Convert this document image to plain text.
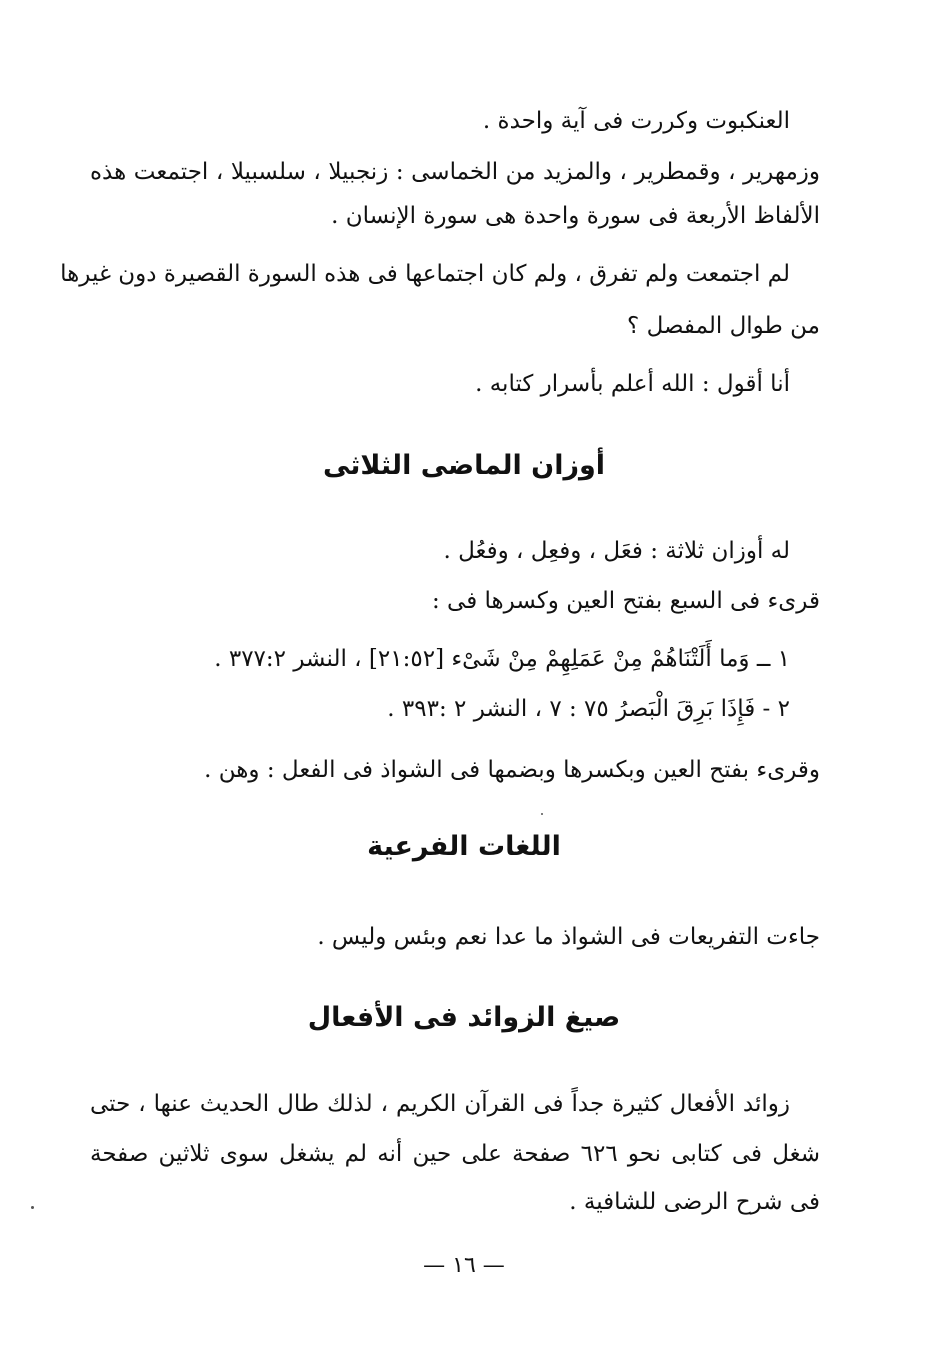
العنكبوت وكررت فى آية واحدة .
وزمهرير ، وقمطرير ، والمزيد من الخماسى : زنجبيلا ، سلسبيلا ، اجتمعت هذه
الألفاظ الأربعة فى سورة واحدة هى سورة الإنسان .
لم اجتمعت ولم تفرق ، ولم كان اجتماعها فى هذه السورة القصيرة دون غيرها
من طوال المفصل ؟
أنا أقول : الله أعلم بأسرار كتابه .
أوزان الماضى الثلاثى
له أوزان ثلاثة : فعَل ، وفعِل ، وفعُل .
قرىء فى السبع بفتح العين وكسرها فى :
١ ــ وَما أَلَتْنَاهُمْ مِنْ عَمَلِهِمْ مِنْ شَىْء [٢١:٥٢] ، النشر ٣٧٧:٢ .
٢ - فَإِذَا بَرِقَ الْبَصرُ ٧٥ : ٧ ، النشر ٢ :٣٩٣ .
وقرىء بفتح العين وبكسرها وبضمها فى الشواذ فى الفعل : وهن .
اللغات الفرعية
جاءت التفريعات فى الشواذ ما عدا نعم وبئس وليس .
صيغ الزوائد فى الأفعال
زوائد الأفعال كثيرة جداً فى القرآن الكريم ، لذلك طال الحديث عنها ، حتى
شغل فى كتابى نحو ٦٢٦ صفحة على حين أنه لم يشغل سوى ثلاثين صفحة
فى شرح الرضى للشافية .
— ١٦ —
